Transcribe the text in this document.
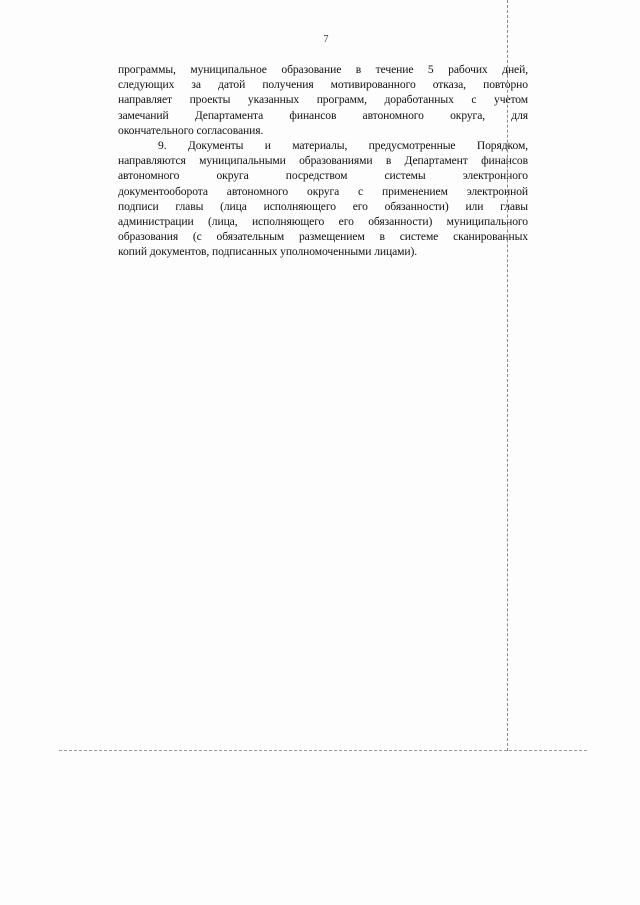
7

программы, муниципальное образование в течение 5 рабочих дней,
следующих за датой получения мотивированного отказа, повторно
направляет проекты указанных программ, доработанных с учетом
замечаний Департамента финансов автономного округа, для
окончательного согласования.

9. Документы и материалы, предусмотренные Порядком,
направляются муниципальными образованиями в Департамент финансов
автономного округа посредством системы электронного
документооборота автономного округа с применением электронной
подписи главы (лица исполняющего его обязанности) или главы
администрации (лица, исполняющего его обязанности) муниципального
образования (с обязательным размещением в системе сканированных
копий документов, подписанных уполномоченными лицами).
